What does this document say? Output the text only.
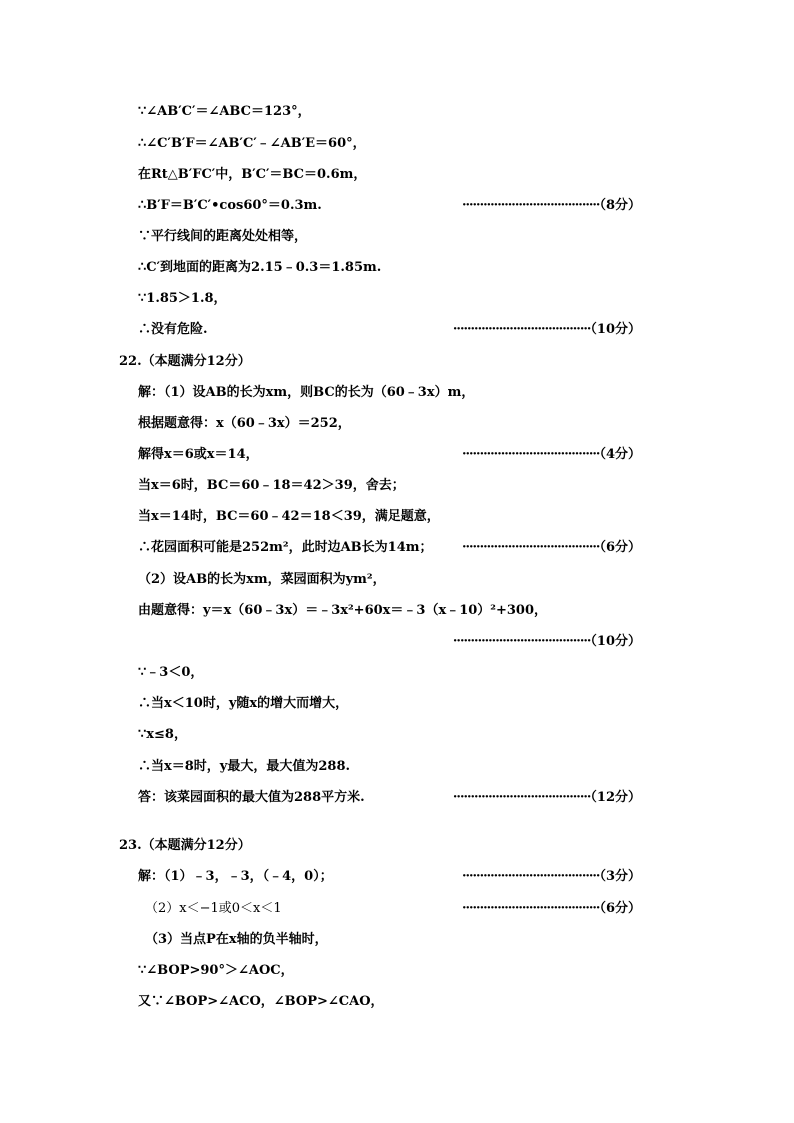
∵∠AB′C′＝∠ABC＝123°，
∴∠C′B′F＝∠AB′C′﹣∠AB′E＝60°，
在Rt△B′FC′中，B′C′＝BC＝0.6m，
∴B′F＝B′C′•cos60°＝0.3m.	·······································（8分）
∵平行线间的距离处处相等，
∴C′到地面的距离为2.15﹣0.3＝1.85m.
∵1.85＞1.8，
∴没有危险.	·······································（10分）
22.（本题满分12分）
解：（1）设AB的长为xm，则BC的长为（60﹣3x）m，
根据题意得：x（60﹣3x）＝252，
解得x＝6或x＝14，	·······································（4分）
当x＝6时，BC＝60﹣18＝42＞39，舍去；
当x＝14时，BC＝60﹣42＝18＜39，满足题意，
∴花园面积可能是252m²，此时边AB长为14m； ·······································（6分）
（2）设AB的长为xm，菜园面积为ym²，
由题意得：y＝x（60﹣3x）＝﹣3x²+60x＝﹣3（x﹣10）²+300，
·······································（10分）
∵﹣3＜0，
∴当x＜10时，y随x的增大而增大，
∵x≤8，
∴当x＝8时，y最大，最大值为288.
答：该菜园面积的最大值为288平方米.	·······································（12分）
23.（本题满分12分）
解：（1）﹣3，﹣3，（﹣4，0）；	·······································（3分）
（2）x＜−1或0＜x＜1	·······································（6分）
（3）当点P在x轴的负半轴时，
∵∠BOP>90°＞∠AOC，
又∵∠BOP>∠ACO，∠BOP>∠CAO，
